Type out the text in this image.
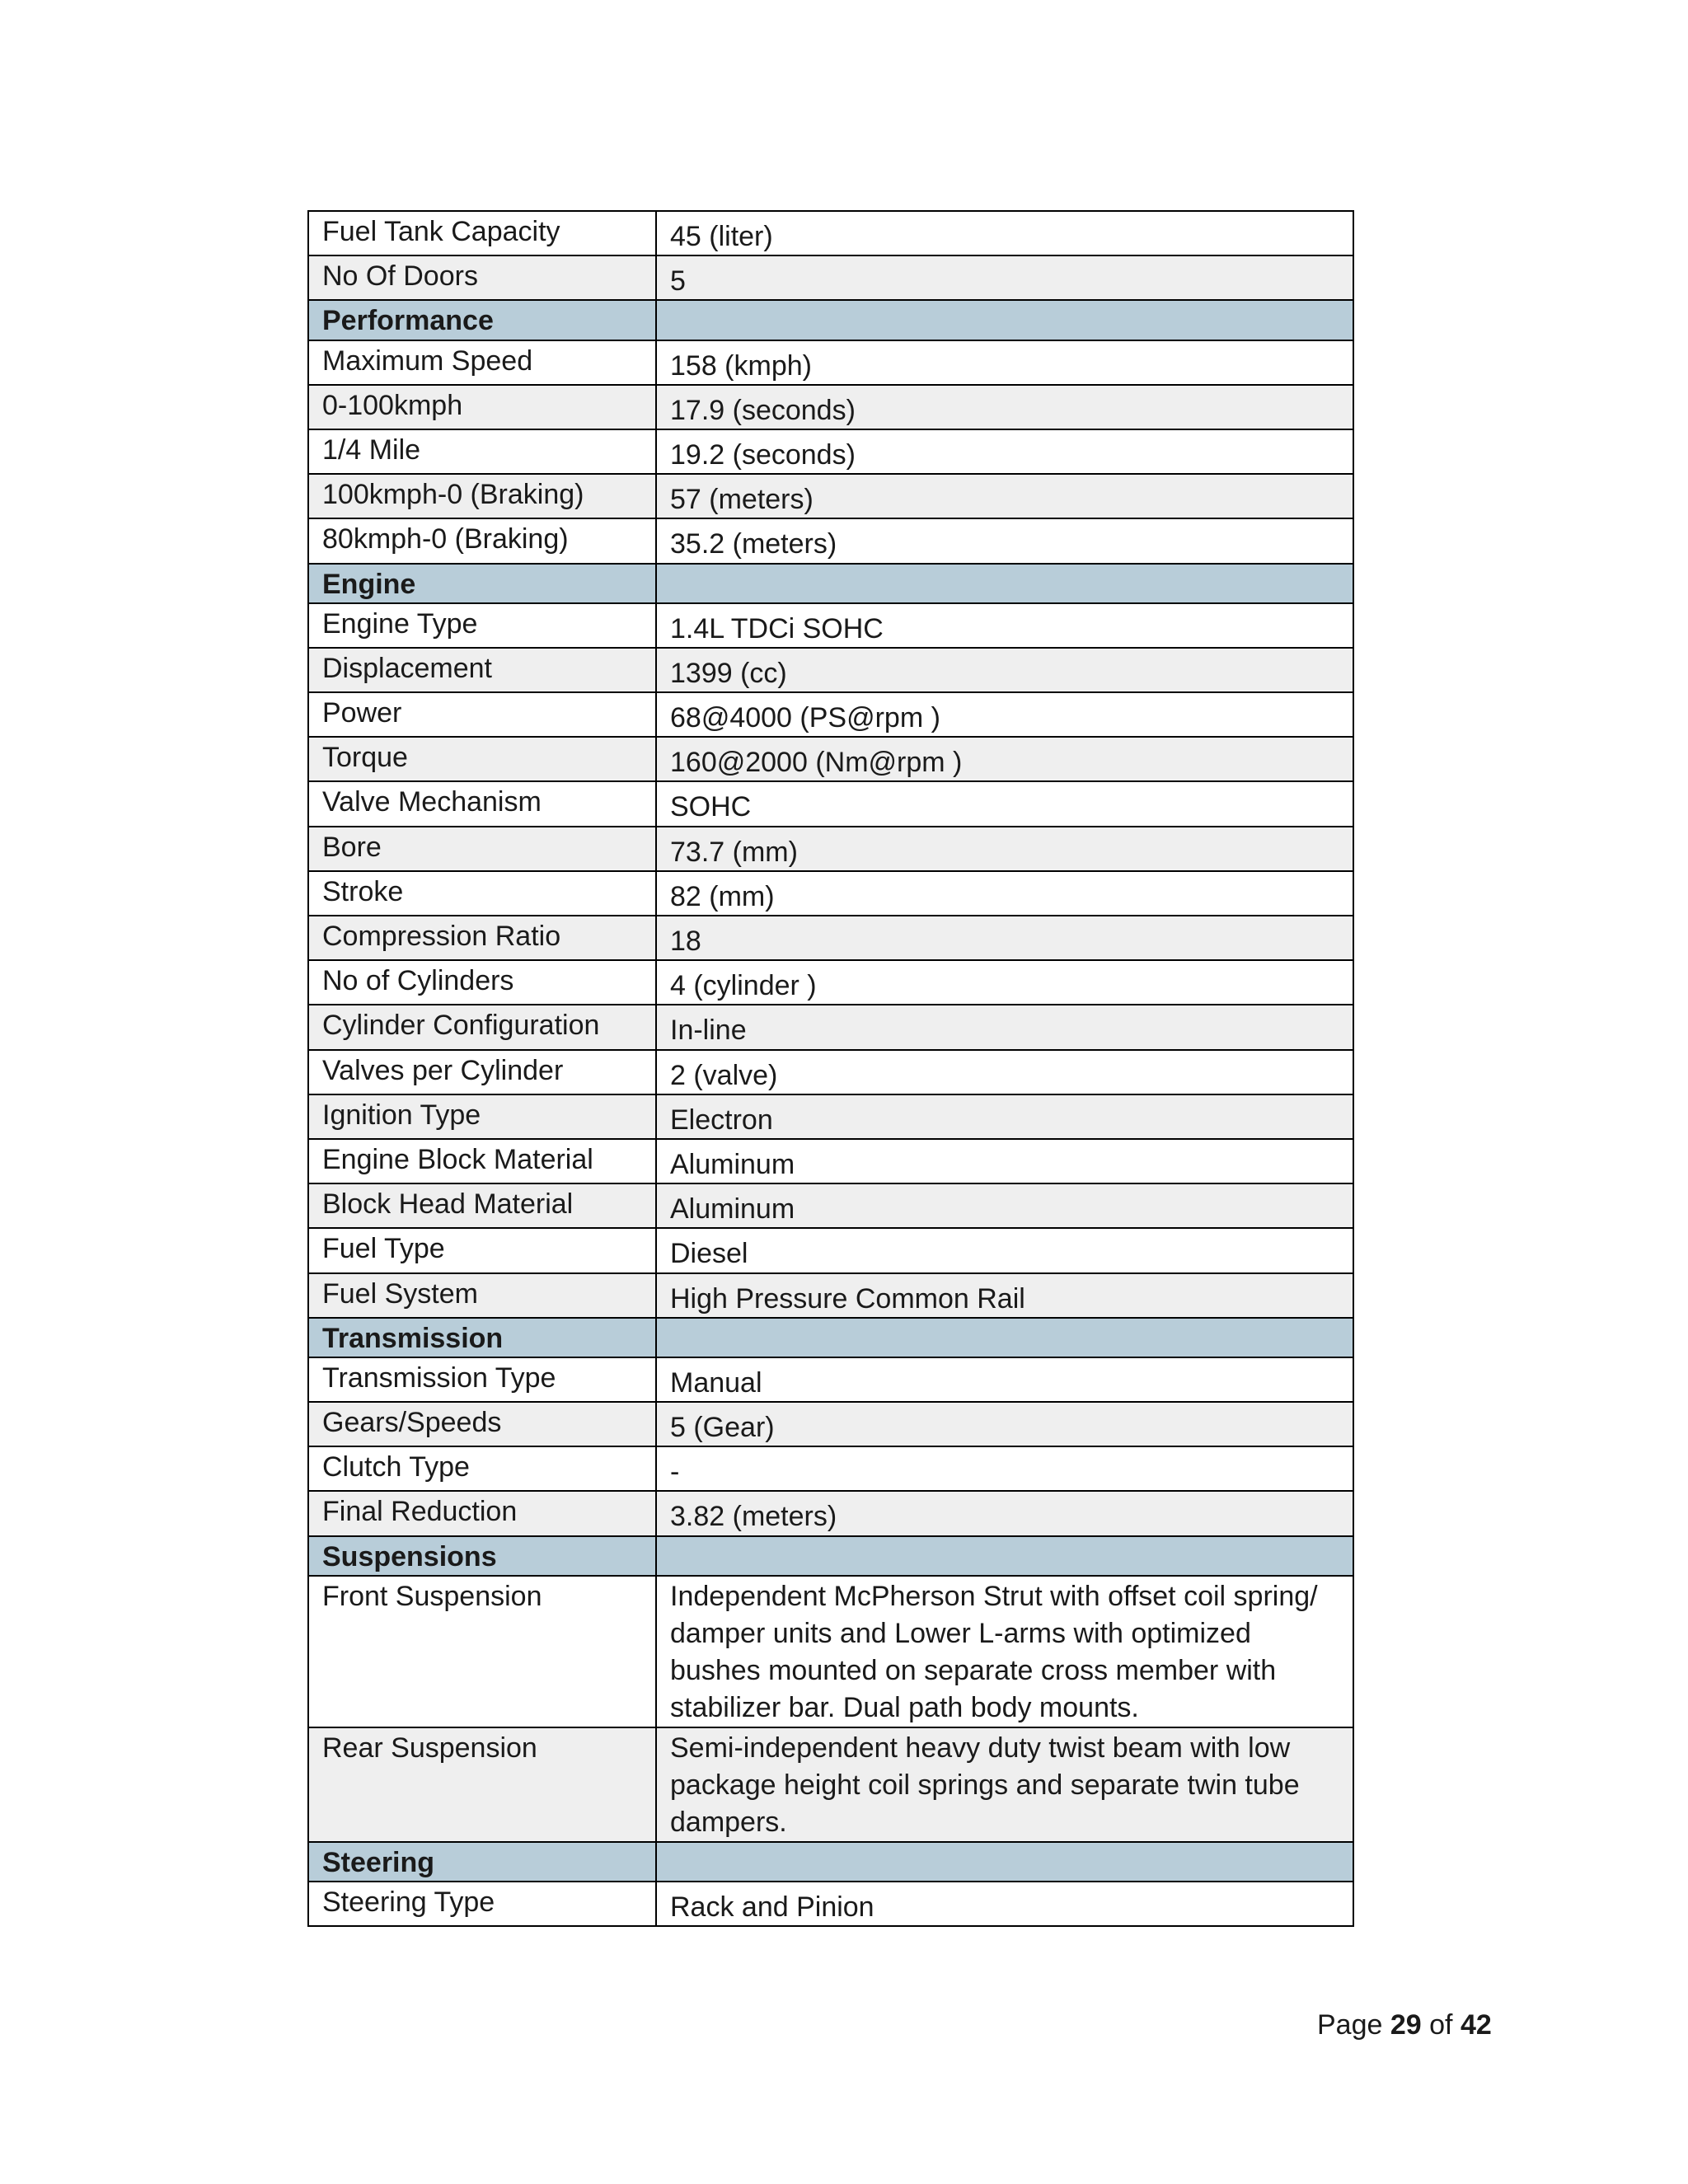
Fuel Tank Capacity	45 (liter)
No Of Doors	5
Performance	
Maximum Speed	158 (kmph)
0-100kmph	17.9 (seconds)
1/4 Mile	19.2 (seconds)
100kmph-0 (Braking)	57 (meters)
80kmph-0 (Braking)	35.2 (meters)
Engine	
Engine Type	1.4L TDCi SOHC
Displacement	1399 (cc)
Power	68@4000 (PS@rpm )
Torque	160@2000 (Nm@rpm )
Valve Mechanism	SOHC
Bore	73.7 (mm)
Stroke	82 (mm)
Compression Ratio	18
No of Cylinders	4 (cylinder )
Cylinder Configuration	In-line
Valves per Cylinder	2 (valve)
Ignition Type	Electron
Engine Block Material	Aluminum
Block Head Material	Aluminum
Fuel Type	Diesel
Fuel System	High Pressure Common Rail
Transmission	
Transmission Type	Manual
Gears/Speeds	5 (Gear)
Clutch Type	-
Final Reduction	3.82 (meters)
Suspensions	
Front Suspension	Independent McPherson Strut with offset coil spring/ damper units and Lower L-arms with optimized bushes mounted on separate cross member with stabilizer bar. Dual path body mounts.
Rear Suspension	Semi-independent heavy duty twist beam with low package height coil springs and separate twin tube dampers.
Steering	
Steering Type	Rack and Pinion
Page 29 of 42
